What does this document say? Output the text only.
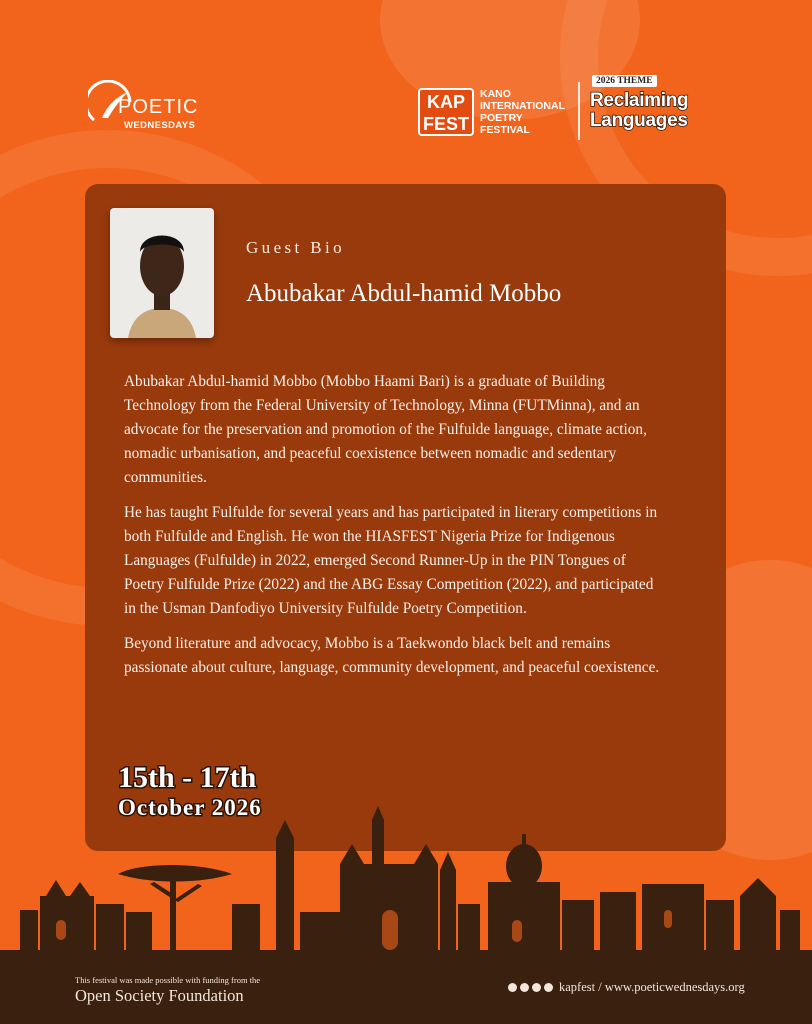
POETIC
WEDNESDAYS
KAP
FEST
KANO
INTERNATIONAL
POETRY
FESTIVAL
2026 THEME
Reclaiming
Languages
Guest Bio
Abubakar Abdul-hamid Mobbo

Abubakar Abdul-hamid Mobbo (Mobbo Haami Bari) is a graduate of Building Technology from the Federal University of Technology, Minna (FUTMinna), and an advocate for the preservation and promotion of the Fulfulde language, climate action, nomadic urbanisation, and peaceful coexistence between nomadic and sedentary communities.

He has taught Fulfulde for several years and has participated in literary competitions in both Fulfulde and English. He won the HIASFEST Nigeria Prize for Indigenous Languages (Fulfulde) in 2022, emerged Second Runner-Up in the PIN Tongues of Poetry Fulfulde Prize (2022) and the ABG Essay Competition (2022), and participated in the Usman Danfodiyo University Fulfulde Poetry Competition.

Beyond literature and advocacy, Mobbo is a Taekwondo black belt and remains passionate about culture, language, community development, and peaceful coexistence.

15th - 17th
October 2026
This festival was made possible with funding from the
Open Society Foundation	kapfest / www.poeticwednesdays.org
